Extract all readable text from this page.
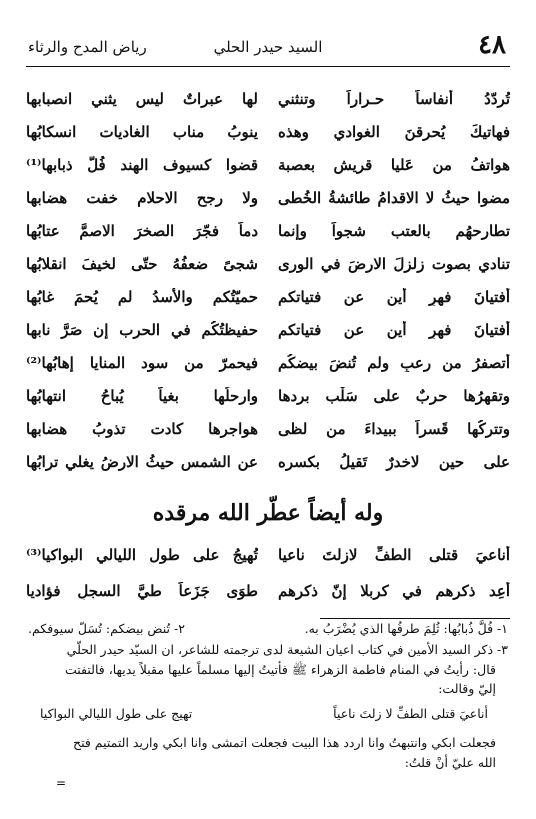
٤٨
السيد حيدر الحلي
رياض المدح والرثاء
تُردّدُ أنفاساً حـراراً وتنثني
لها عبراتٌ ليس يثني انصبابها
فهاتيكَ يُحرقنَ الغوادي وهذه
ينوبُ مناب الغاديات انسكابُها
هواتفُ من عَليا قريش بعصبة
قضوا كسيوف الهند فُلَّ ذبابها⁽¹⁾
مضوا حيثُ لا الاقدامُ طائشةُ الخُطى
ولا رجح الاحلام خفت هضابها
تطارحهُم بالعتب شجواً وإنما
دماً فجّرَ الصخرَ الاصمَّ عتابُها
تنادي بصوت زلزلَ الارضَ في الورى
شجىً ضعفُهُ حتّى لخيفَ انقلابُها
أفتيانَ فهرٍ أين عن فتياتكم
حميّتُكم والأسدُ لم يُحمَ غابُها
أفتيانَ فهرٍ أين عن فتياتكم
حفيظتُكُم في الحرب إن صَرَّ نابها
أتصفرُ من رعبٍ ولم تُنضَ بيضكُم
فيحمرّ من سود المنايا إهابُها⁽²⁾
وتقهرُها حربٌ على سَلْب بردها
وارحلُها بغياً يُباحُ انتهابُها
وتتركُها قَسراً ببيداءَ من لظى
هواجرها كادت تذوبُ هضابها
على حينِ لاخدرٌ تَقيلُ بكسره
عن الشمس حيثُ الارضُ يغلي ترابُها
وله أيضاً عطّر الله مرقده
أناعيَ قتلى الطفِّ لازلتَ ناعيا
تُهيجُ على طول الليالي البواكيا⁽³⁾
أعِد ذكرهم في كربلا إنّ ذكرهم
طوَى جَزَعاً طيَّ السجلِ فؤاديا
١- فُلَّ ذُبابُها: ثُلِمَ طرفُها الذي يُضْرَبُ به.
٢- تُنض بيضكم: تُسَلّ سيوفكم.
٣- ذكر السيد الأمين في كتاب اعيان الشيعة لدى ترجمته للشاعر، ان السيّد حيدر الحلّي
قال: رأيتُ في المنام فاطمة الزهراء ﷺ فأتيتُ إليها مسلماً عليها مقبلاً يديها، فالتفتت
إليّ وقالت:
أناعيَ قتلى الطفِّ لا زلتَ ناعياً
تهيج على طول الليالي البواكيا
فجعلت ابكي وانتبهتُ وانا اردد هذا البيت فجعلت اتمشى وانا ابكي واريد التمتيم فتح
الله عليّ أنْ قلتُ:
=
